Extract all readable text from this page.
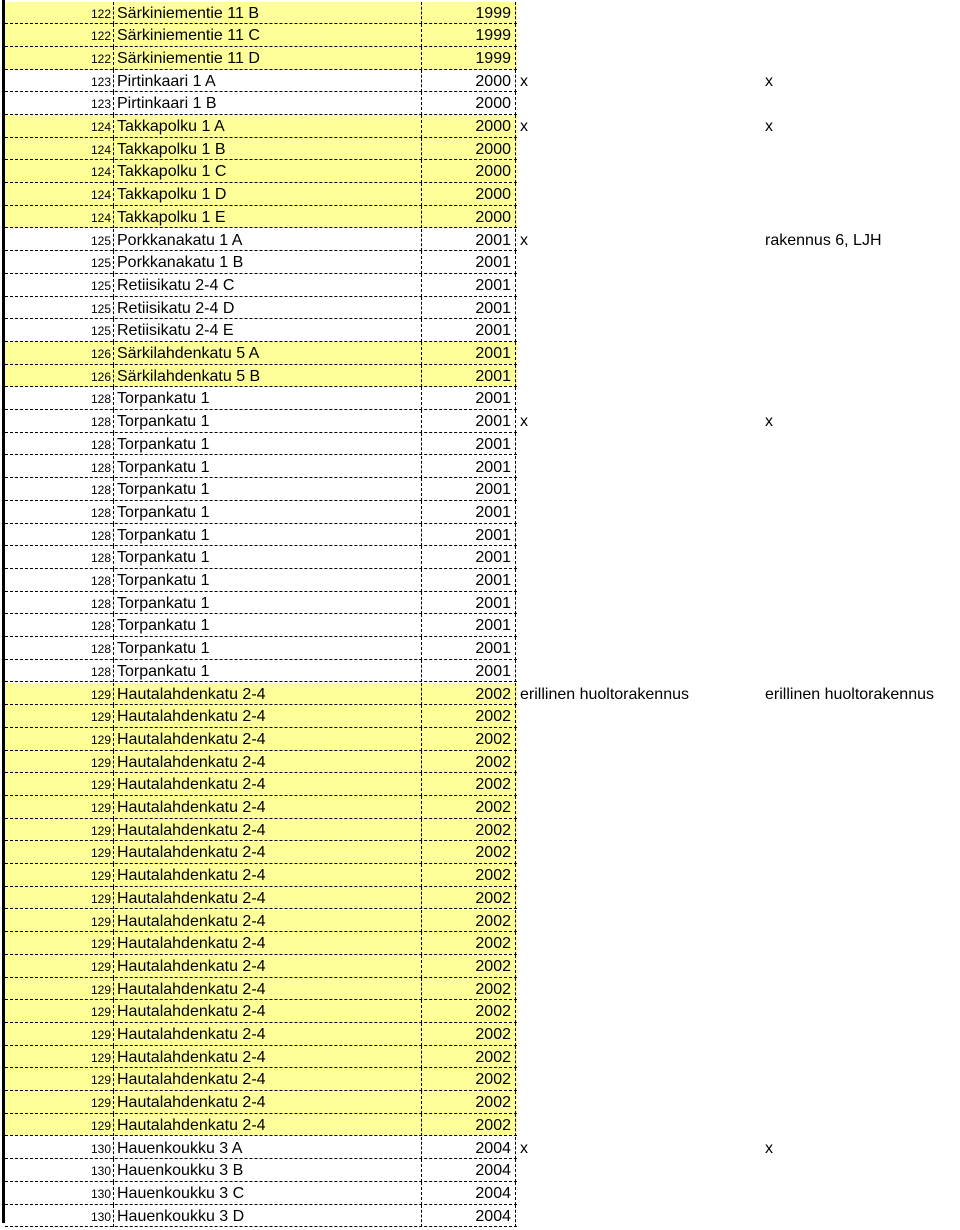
122 Särkiniementie 11 B	1999
122 Särkiniementie 11 C	1999
122 Särkiniementie 11 D	1999
123 Pirtinkaari 1 A	2000 x	x
123 Pirtinkaari 1 B	2000
124 Takkapolku 1 A	2000 x	x
124 Takkapolku 1 B	2000
124 Takkapolku 1 C	2000
124 Takkapolku 1 D	2000
124 Takkapolku 1 E	2000
125 Porkkanakatu 1 A	2001 x	rakennus 6, LJH
125 Porkkanakatu 1 B	2001
125 Retiisikatu 2-4 C	2001
125 Retiisikatu 2-4 D	2001
125 Retiisikatu 2-4 E	2001
126 Särkilahdenkatu 5 A	2001
126 Särkilahdenkatu 5 B	2001
128 Torpankatu 1	2001
128 Torpankatu 1	2001 x	x
128 Torpankatu 1	2001
128 Torpankatu 1	2001
128 Torpankatu 1	2001
128 Torpankatu 1	2001
128 Torpankatu 1	2001
128 Torpankatu 1	2001
128 Torpankatu 1	2001
128 Torpankatu 1	2001
128 Torpankatu 1	2001
128 Torpankatu 1	2001
128 Torpankatu 1	2001
129 Hautalahdenkatu 2-4	2002 erillinen huoltorakennus	erillinen huoltorakennus
129 Hautalahdenkatu 2-4	2002
129 Hautalahdenkatu 2-4	2002
129 Hautalahdenkatu 2-4	2002
129 Hautalahdenkatu 2-4	2002
129 Hautalahdenkatu 2-4	2002
129 Hautalahdenkatu 2-4	2002
129 Hautalahdenkatu 2-4	2002
129 Hautalahdenkatu 2-4	2002
129 Hautalahdenkatu 2-4	2002
129 Hautalahdenkatu 2-4	2002
129 Hautalahdenkatu 2-4	2002
129 Hautalahdenkatu 2-4	2002
129 Hautalahdenkatu 2-4	2002
129 Hautalahdenkatu 2-4	2002
129 Hautalahdenkatu 2-4	2002
129 Hautalahdenkatu 2-4	2002
129 Hautalahdenkatu 2-4	2002
129 Hautalahdenkatu 2-4	2002
129 Hautalahdenkatu 2-4	2002
130 Hauenkoukku 3 A	2004 x	x
130 Hauenkoukku 3 B	2004
130 Hauenkoukku 3 C	2004
130 Hauenkoukku 3 D	2004
